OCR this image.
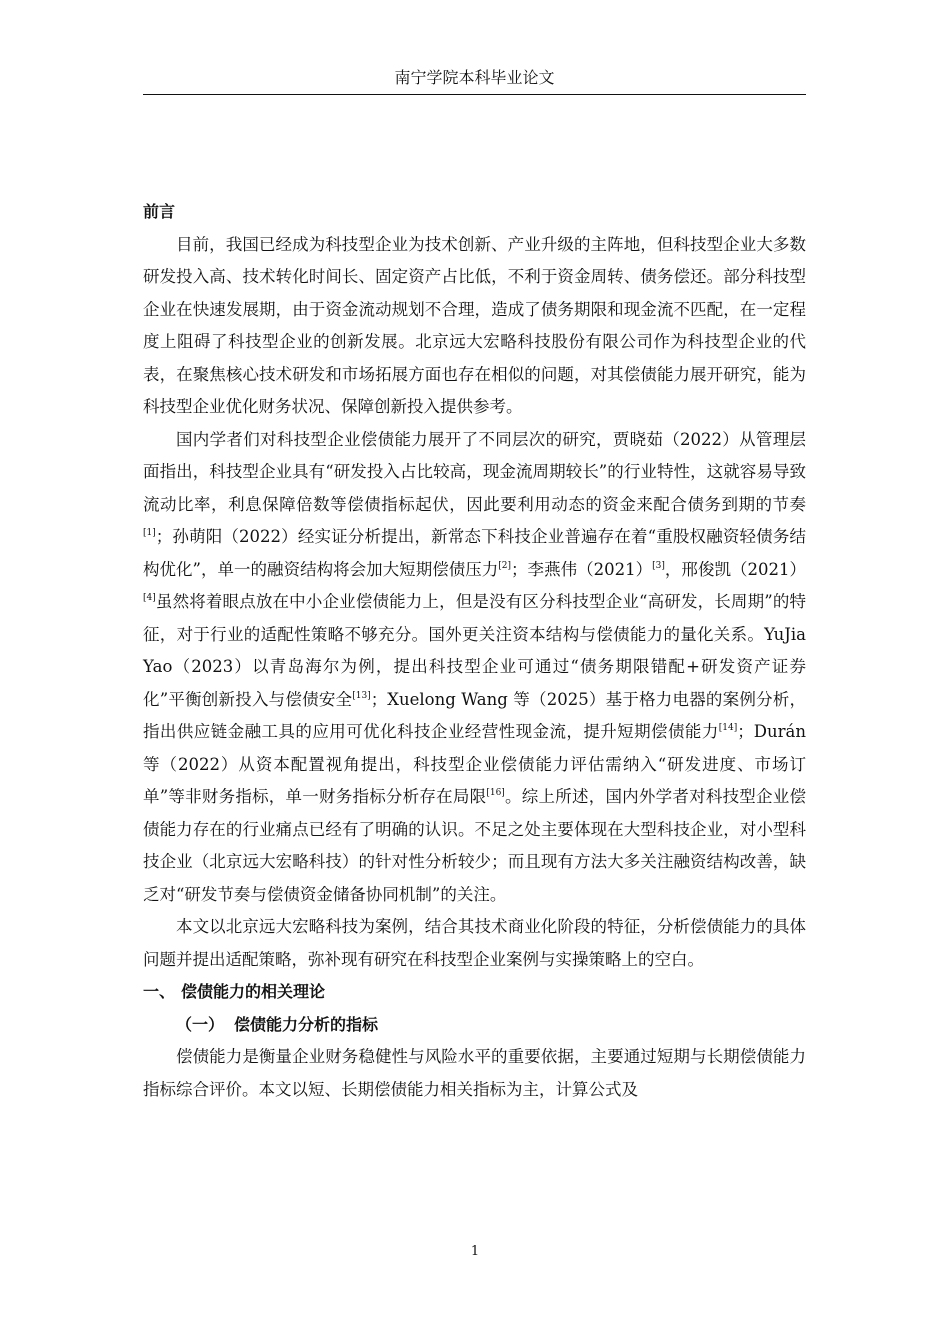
南宁学院本科毕业论文
前言

目前，我国已经成为科技型企业为技术创新、产业升级的主阵地，但科技型企业大多数研发投入高、技术转化时间长、固定资产占比低，不利于资金周转、债务偿还。部分科技型企业在快速发展期，由于资金流动规划不合理，造成了债务期限和现金流不匹配，在一定程度上阻碍了科技型企业的创新发展。北京远大宏略科技股份有限公司作为科技型企业的代表，在聚焦核心技术研发和市场拓展方面也存在相似的问题，对其偿债能力展开研究，能为科技型企业优化财务状况、保障创新投入提供参考。

国内学者们对科技型企业偿债能力展开了不同层次的研究，贾晓茹（2022）从管理层面指出，科技型企业具有“研发投入占比较高，现金流周期较长”的行业特性，这就容易导致流动比率，利息保障倍数等偿债指标起伏，因此要利用动态的资金来配合债务到期的节奏[1]；孙萌阳（2022）经实证分析提出，新常态下科技企业普遍存在着“重股权融资轻债务结构优化”，单一的融资结构将会加大短期偿债压力[2]；李燕伟（2021）[3]，邢俊凯（2021）[4]虽然将着眼点放在中小企业偿债能力上，但是没有区分科技型企业“高研发，长周期”的特征，对于行业的适配性策略不够充分。国外更关注资本结构与偿债能力的量化关系。YuJia Yao（2023）以青岛海尔为例，提出科技型企业可通过“债务期限错配+研发资产证券化”平衡创新投入与偿债安全[13]；Xuelong Wang 等（2025）基于格力电器的案例分析，指出供应链金融工具的应用可优化科技企业经营性现金流，提升短期偿债能力[14]；Durán 等（2022）从资本配置视角提出，科技型企业偿债能力评估需纳入“研发进度、市场订单”等非财务指标，单一财务指标分析存在局限[16]。综上所述，国内外学者对科技型企业偿债能力存在的行业痛点已经有了明确的认识。不足之处主要体现在大型科技企业，对小型科技企业（北京远大宏略科技）的针对性分析较少；而且现有方法大多关注融资结构改善，缺乏对“研发节奏与偿债资金储备协同机制”的关注。

本文以北京远大宏略科技为案例，结合其技术商业化阶段的特征，分析偿债能力的具体问题并提出适配策略，弥补现有研究在科技型企业案例与实操策略上的空白。

一、 偿债能力的相关理论
（一） 偿债能力分析的指标

偿债能力是衡量企业财务稳健性与风险水平的重要依据，主要通过短期与长期偿债能力指标综合评价。本文以短、长期偿债能力相关指标为主，计算公式及

1
